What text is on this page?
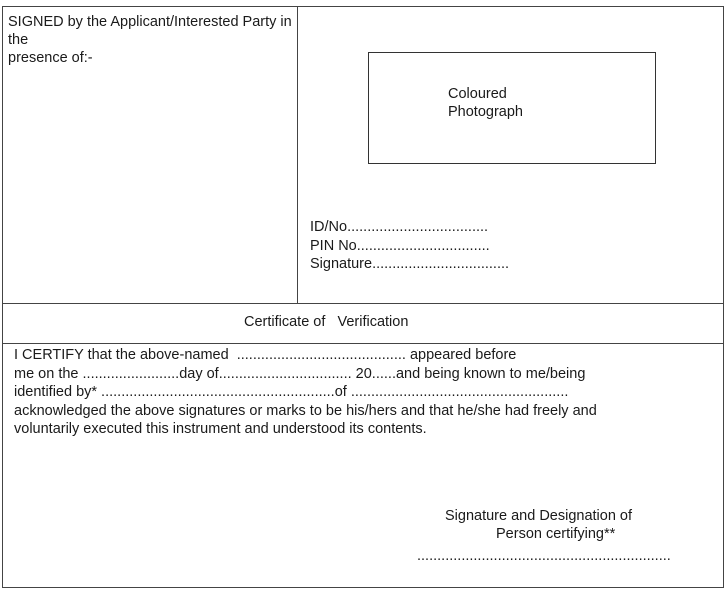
SIGNED by the Applicant/Interested Party in
the
presence of:-
Coloured
Photograph
ID/No...................................
PIN No.................................
Signature..................................
Certificate of   Verification
I CERTIFY that the above-named  .......................................... appeared before
me on the ........................day of................................. 20......and being known to me/being
identified by* ..........................................................of ......................................................
acknowledged the above signatures or marks to be his/hers and that he/she had freely and
voluntarily executed this instrument and understood its contents.
Signature and Designation of
Person certifying**
...............................................................
